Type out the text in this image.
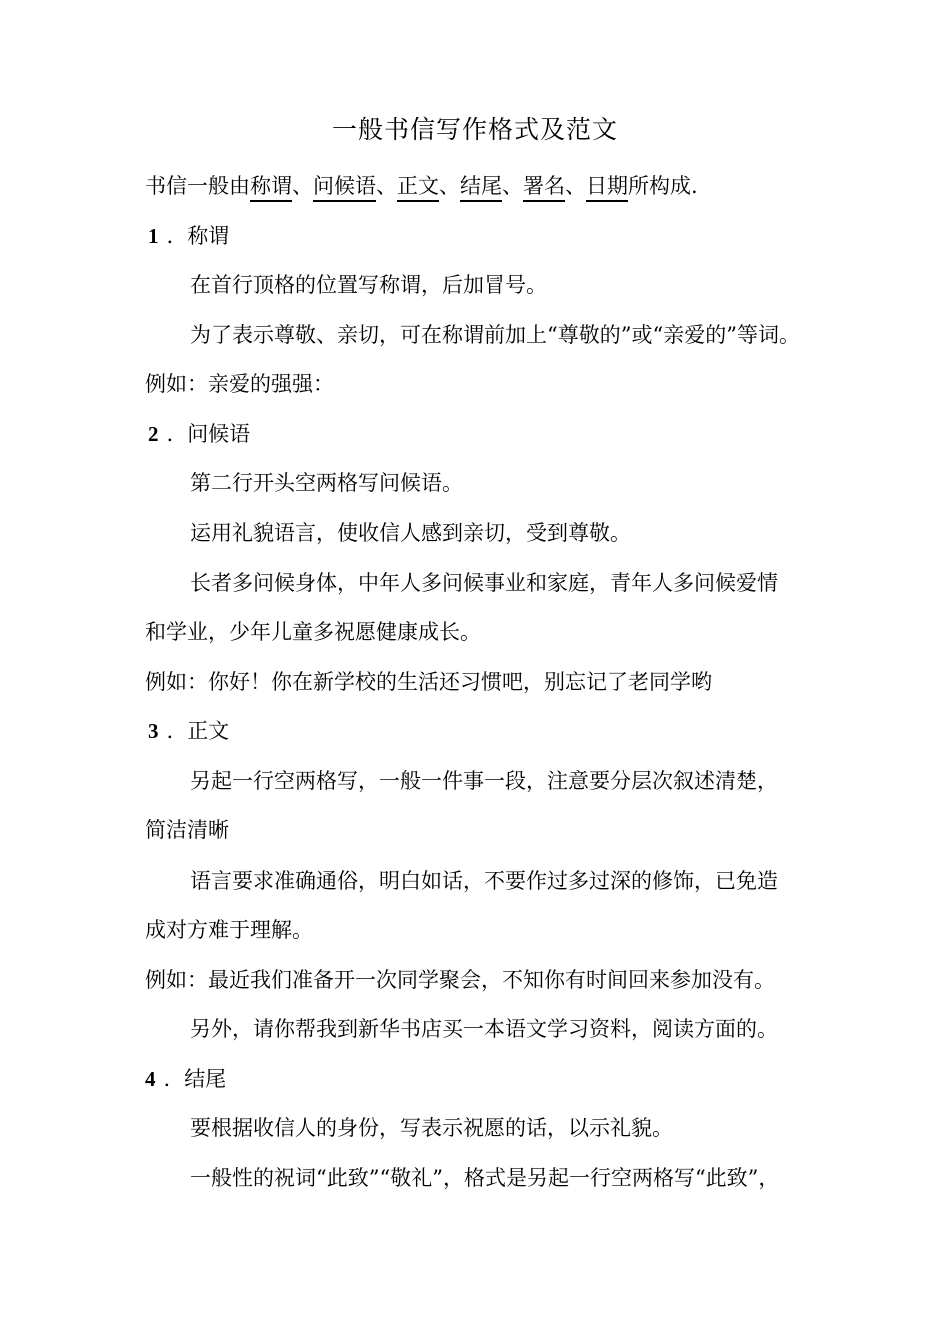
一般书信写作格式及范文
书信一般由称谓、问候语、正文、结尾、署名、日期所构成.
1 . 称谓
在首行顶格的位置写称谓，后加冒号。
为了表示尊敬、亲切，可在称谓前加上“尊敬的”或“亲爱的”等词。
例如：亲爱的强强：
2 . 问候语
第二行开头空两格写问候语。
运用礼貌语言，使收信人感到亲切，受到尊敬。
长者多问候身体，中年人多问候事业和家庭，青年人多问候爱情
和学业，少年儿童多祝愿健康成长。
例如：你好！你在新学校的生活还习惯吧，别忘记了老同学哟
3 . 正文
另起一行空两格写，一般一件事一段，注意要分层次叙述清楚，
简洁清晰
语言要求准确通俗，明白如话，不要作过多过深的修饰，已免造
成对方难于理解。
例如：最近我们准备开一次同学聚会，不知你有时间回来参加没有。
另外，请你帮我到新华书店买一本语文学习资料，阅读方面的。
4 . 结尾
要根据收信人的身份，写表示祝愿的话，以示礼貌。
一般性的祝词“此致”“敬礼”，格式是另起一行空两格写“此致”，
